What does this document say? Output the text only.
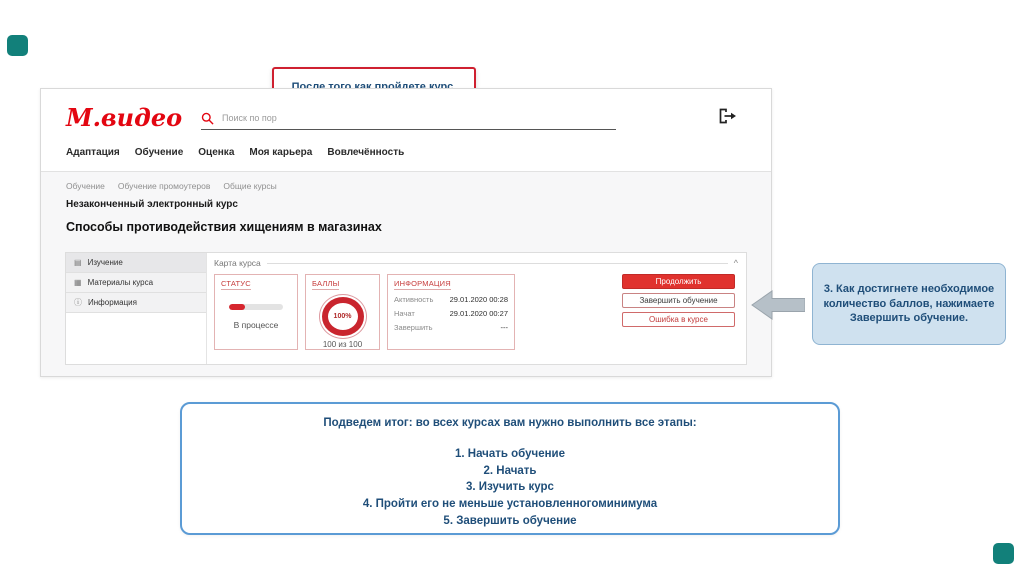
М.видео
Поиск по пор
Адаптация Обучение Оценка Моя карьера Вовлечённость
Обучение Обучение промоутеров Общие курсы
Незаконченный электронный курс
Способы противодействия хищениям в магазинах
▤ Изучение
▦ Материалы курса
ⓘ Информация
Карта курса	^
СТАТУС
В процессе
БАЛЛЫ
100%
100 из 100
ИНФОРМАЦИЯ
Активность 29.01.2020 00:28
Начат	29.01.2020 00:27
Завершить	---
Продолжить
Завершить обучение
Ошибка в курсе
3. Как достигнете необходимое количество баллов, нажимаете Завершить обучение.
Подведем итог: во всех курсах вам нужно выполнить все этапы:
1. Начать обучение
2. Начать
3. Изучить курс
4. Пройти его не меньше установленногоминимума
5. Завершить обучение
